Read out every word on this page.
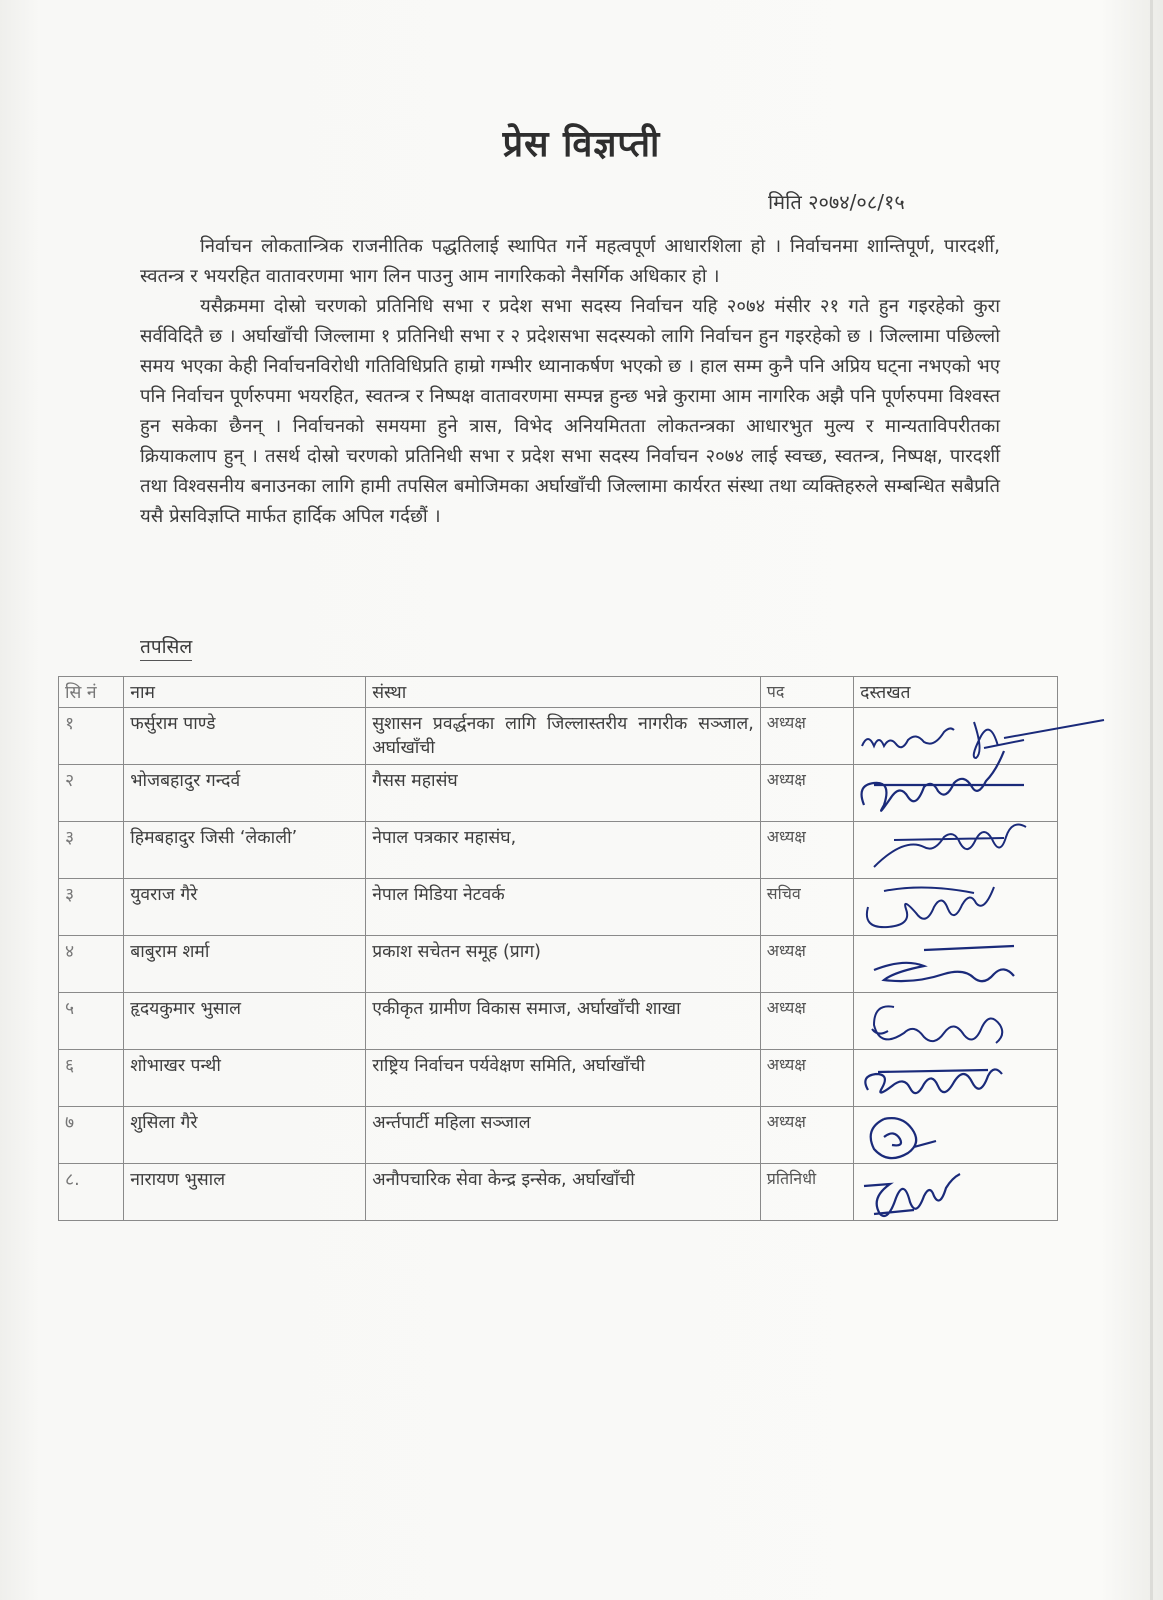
प्रेस विज्ञप्ती
मिति २०७४/०८/१५

निर्वाचन लोकतान्त्रिक राजनीतिक पद्धतिलाई स्थापित गर्ने महत्वपूर्ण आधारशिला हो । निर्वाचनमा शान्तिपूर्ण, पारदर्शी, स्वतन्त्र र भयरहित वातावरणमा भाग लिन पाउनु आम नागरिकको नैसर्गिक अधिकार हो ।

यसैक्रममा दोस्रो चरणको प्रतिनिधि सभा र प्रदेश सभा सदस्य निर्वाचन यहि २०७४ मंसीर २१ गते हुन गइरहेको कुरा सर्वविदितै छ । अर्घाखाँची जिल्लामा १ प्रतिनिधी सभा र २ प्रदेशसभा सदस्यको लागि निर्वाचन हुन गइरहेको छ । जिल्लामा पछिल्लो समय भएका केही निर्वाचनविरोधी गतिविधिप्रति हाम्रो गम्भीर ध्यानाकर्षण भएको छ । हाल सम्म कुनै पनि अप्रिय घट्ना नभएको भए पनि निर्वाचन पूर्णरुपमा भयरहित, स्वतन्त्र र निष्पक्ष वातावरणमा सम्पन्न हुन्छ भन्ने कुरामा आम नागरिक अझै पनि पूर्णरुपमा विश्वस्त हुन सकेका छैनन् । निर्वाचनको समयमा हुने त्रास, विभेद अनियमितता लोकतन्त्रका आधारभुत मुल्य र मान्यताविपरीतका क्रियाकलाप हुन् । तसर्थ दोस्रो चरणको प्रतिनिधी सभा र प्रदेश सभा सदस्य निर्वाचन २०७४ लाई स्वच्छ, स्वतन्त्र, निष्पक्ष, पारदर्शी तथा विश्वसनीय बनाउनका लागि हामी तपसिल बमोजिमका अर्घाखाँची जिल्लामा कार्यरत संस्था तथा व्यक्तिहरुले सम्बन्धित सबैप्रति यसै प्रेसविज्ञप्ति मार्फत हार्दिक अपिल गर्दछौं ।

तपसिल
सि नं	नाम	संस्था	पद	दस्तखत
१	फर्सुराम पाण्डे	सुशासन प्रवर्द्धनका लागि जिल्लास्तरीय नागरीक सञ्जाल, अर्घाखाँची	अध्यक्ष	

२	भोजबहादुर गन्दर्व	गैसस महासंघ	अध्यक्ष	

३	हिमबहादुर जिसी ‘लेकाली’	नेपाल पत्रकार महासंघ,	अध्यक्ष	

३	युवराज गैरे	नेपाल मिडिया नेटवर्क	सचिव	

४	बाबुराम शर्मा	प्रकाश सचेतन समूह (प्राग)	अध्यक्ष	

५	हृदयकुमार भुसाल	एकीकृत ग्रामीण विकास समाज, अर्घाखाँची शाखा	अध्यक्ष	

६	शोभाखर पन्थी	राष्ट्रिय निर्वाचन पर्यवेक्षण समिति, अर्घाखाँची	अध्यक्ष	

७	शुसिला गैरे	अर्न्तपार्टी महिला सञ्जाल	अध्यक्ष	

८.	नारायण भुसाल	अनौपचारिक सेवा केन्द्र इन्सेक, अर्घाखाँची	प्रतिनिधी	
